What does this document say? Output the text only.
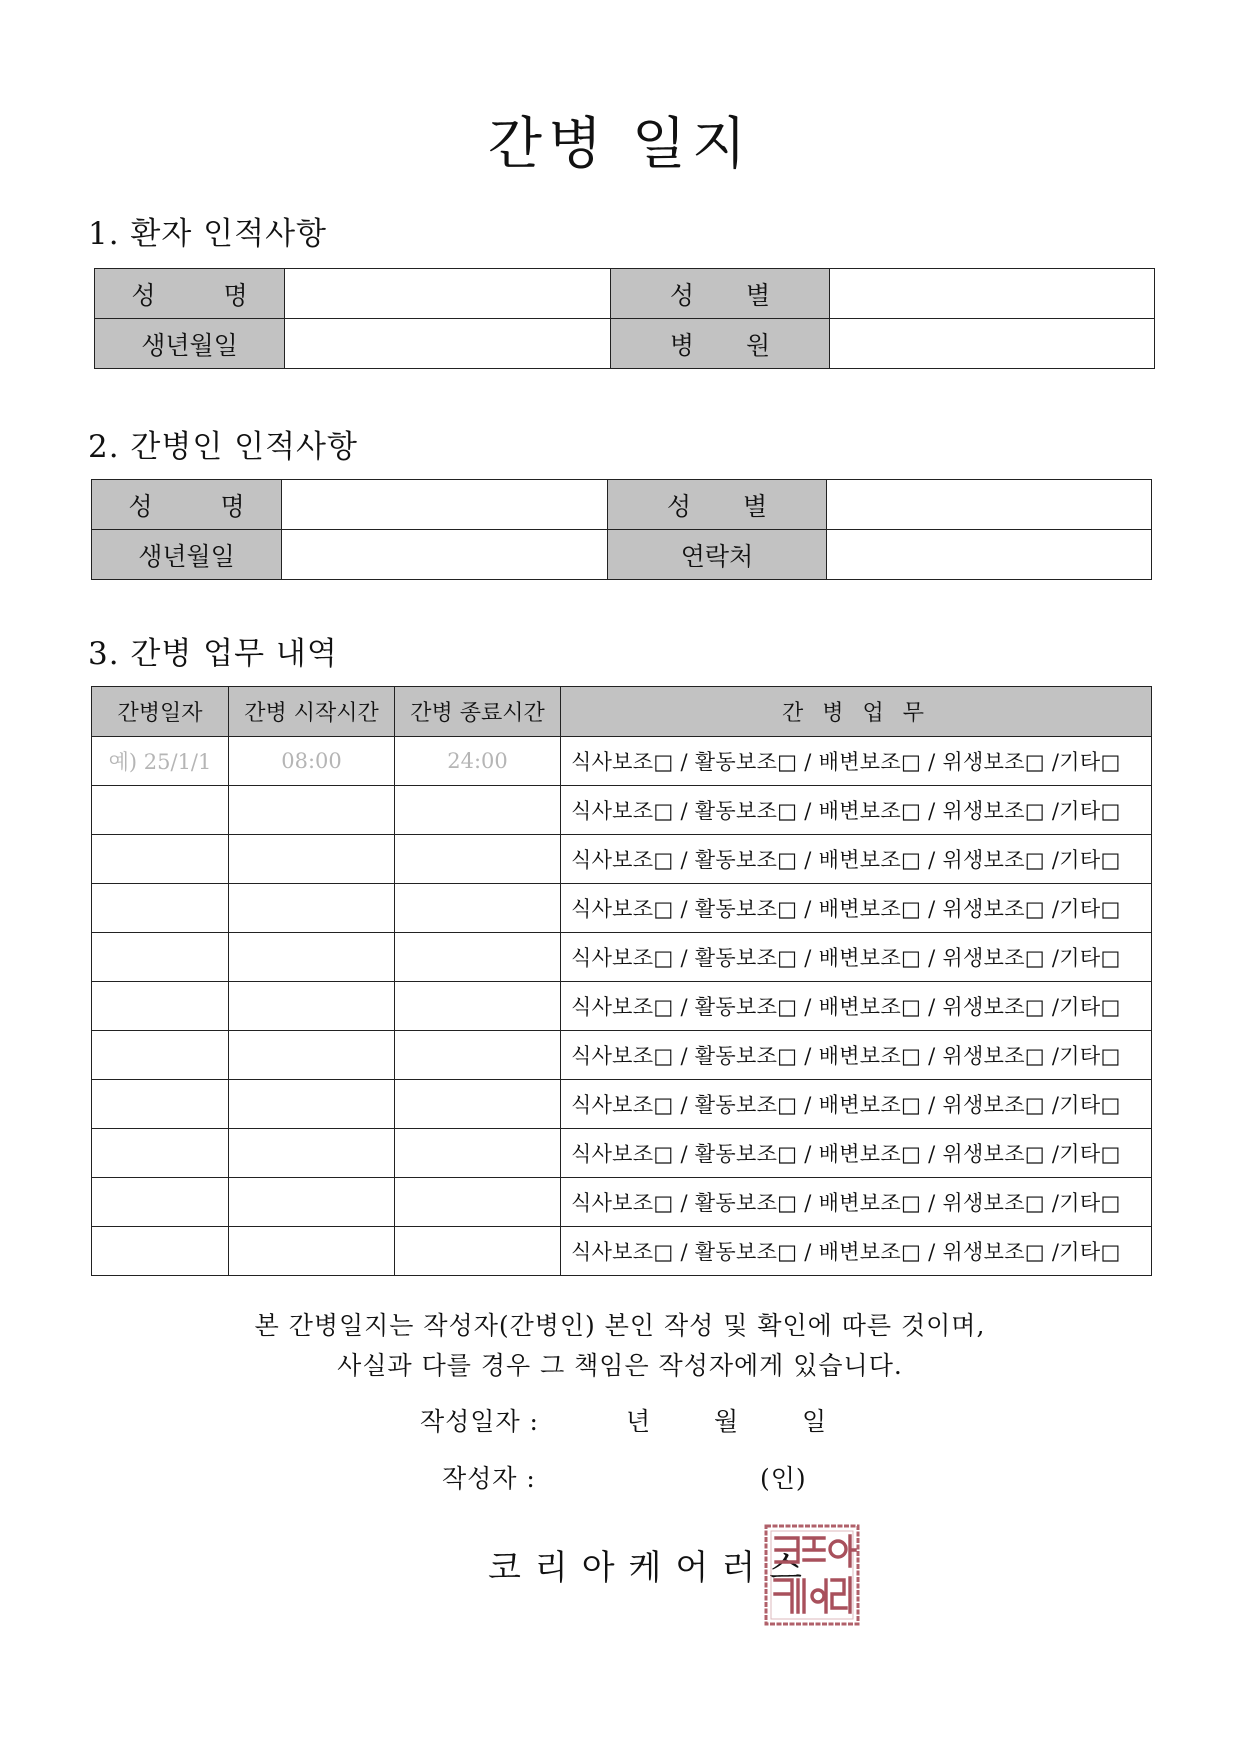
간병 일지
1. 환자 인적사항
성 명		성 별	
생년월일		병 원	
2. 간병인 인적사항
성 명		성 별	
생년월일		연락처	
3. 간병 업무 내역
간병일자	간병 시작시간	간병 종료시간	간 병 업 무
예) 25/1/1	08:00	24:00	식사보조□ / 활동보조□ / 배변보조□ / 위생보조□ /기타□
			식사보조□ / 활동보조□ / 배변보조□ / 위생보조□ /기타□
			식사보조□ / 활동보조□ / 배변보조□ / 위생보조□ /기타□
			식사보조□ / 활동보조□ / 배변보조□ / 위생보조□ /기타□
			식사보조□ / 활동보조□ / 배변보조□ / 위생보조□ /기타□
			식사보조□ / 활동보조□ / 배변보조□ / 위생보조□ /기타□
			식사보조□ / 활동보조□ / 배변보조□ / 위생보조□ /기타□
			식사보조□ / 활동보조□ / 배변보조□ / 위생보조□ /기타□
			식사보조□ / 활동보조□ / 배변보조□ / 위생보조□ /기타□
			식사보조□ / 활동보조□ / 배변보조□ / 위생보조□ /기타□
			식사보조□ / 활동보조□ / 배변보조□ / 위생보조□ /기타□
본 간병일지는 작성자(간병인) 본인 작성 및 확인에 따른 것이며,
사실과 다를 경우 그 책임은 작성자에게 있습니다.
작성일자 :	년	월	일
작성자 :	(인)
코리아케어러스
